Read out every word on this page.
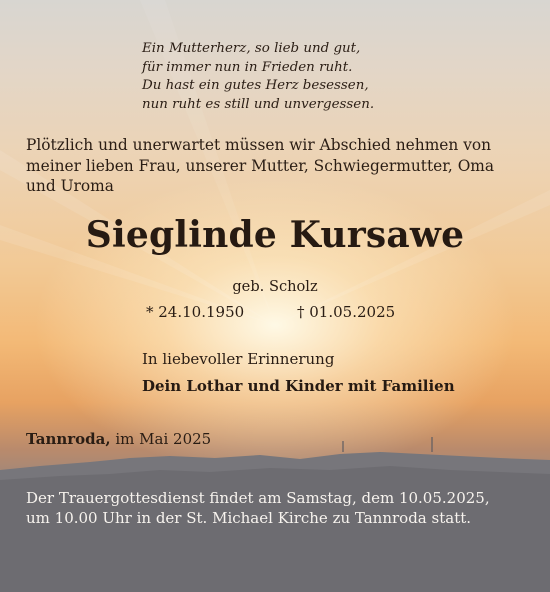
Ein Mutterherz, so lieb und gut,
für immer nun in Frieden ruht.
Du hast ein gutes Herz besessen,
nun ruht es still und unvergessen.
Plötzlich und unerwartet müssen wir Abschied nehmen von
meiner lieben Frau, unserer Mutter, Schwiegermutter, Oma
und Uroma
Sieglinde Kursawe
geb. Scholz
* 24.10.1950	† 01.05.2025
In liebevoller Erinnerung
Dein Lothar und Kinder mit Familien
Tannroda, im Mai 2025
Der Trauergottesdienst findet am Samstag, dem 10.05.2025,
um 10.00 Uhr in der St. Michael Kirche zu Tannroda statt.
